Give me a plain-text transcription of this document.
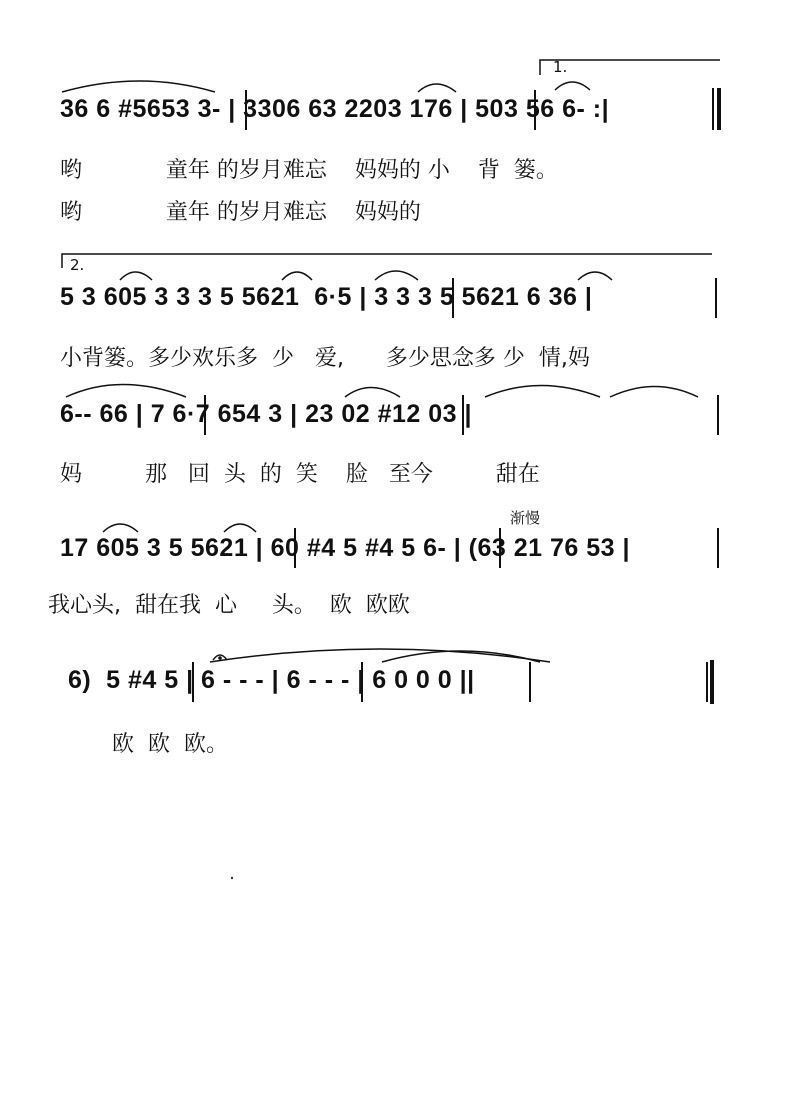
1.
36 6 #5653 3- | 3306 63 2203 176 | 503 56 6- :|
哟            童年 的岁月难忘    妈妈的 小    背  篓。
哟            童年 的岁月难忘    妈妈的
2.
5 3 605 3 3 3 5 5621  6·5 | 3 3 3 5 5621 6 36 |
小背篓。多少欢乐多  少   爱,      多少思念多 少  情,妈
6-- 66 | 7 6·7 654 3 | 23 02 #12 03 |
妈         那   回  头  的  笑    脸   至今         甜在
渐慢
17 605 3 5 5621 | 60 #4 5 #4 5 6- | (63 21 76 53 |
我心头,  甜在我  心     头。  欧  欧欧
6)  5 #4 5 | 6 - - - | 6 - - - | 6 0 0 0 ||
欧  欧  欧。
